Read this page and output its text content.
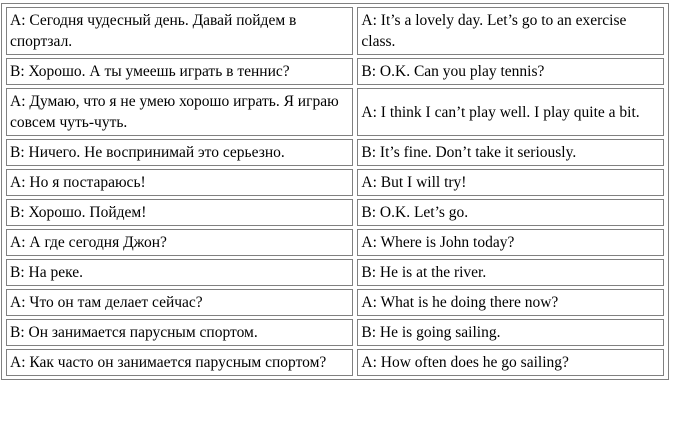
А: Сегодня чудесный день. Давай пойдем в спортзал.	A: It’s a lovely day. Let’s go to an exercise class.
В: Хорошо. А ты умеешь играть в теннис?	B: O.K. Can you play tennis?
А: Думаю, что я не умею хорошо играть. Я играю совсем чуть-чуть.	A: I think I can’t play well. I play quite a bit.
В: Ничего. Не воспринимай это серьезно.	B: It’s fine. Don’t take it seriously.
А: Но я постараюсь!	A: But I will try!
В: Хорошо. Пойдем!	B: O.K. Let’s go.
А: А где сегодня Джон?	A: Where is John today?
В: На реке.	B: He is at the river.
А: Что он там делает сейчас?	A: What is he doing there now?
В: Он занимается парусным спортом.	B: He is going sailing.
А: Как часто он занимается парусным спортом?	A: How often does he go sailing?
